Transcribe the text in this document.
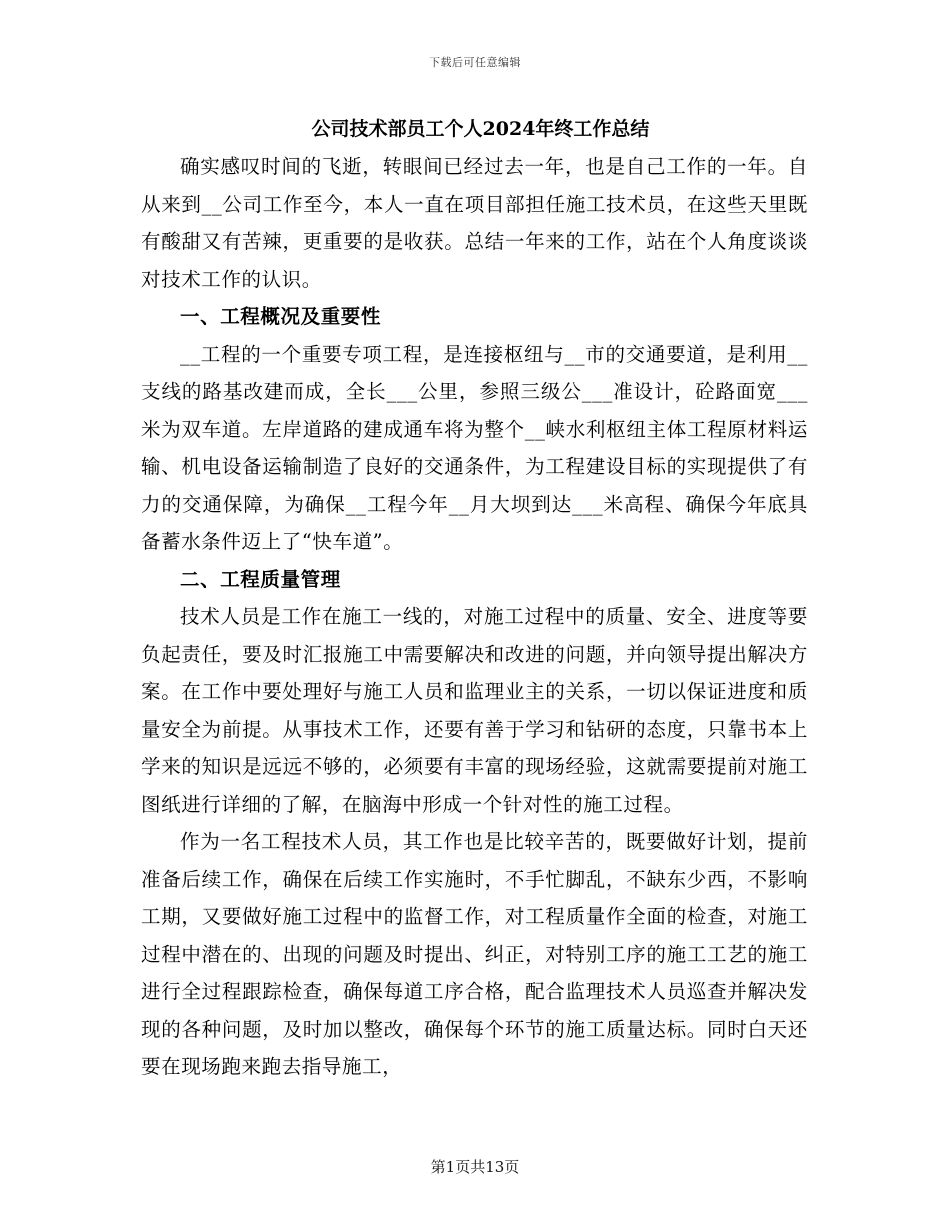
下载后可任意编辑
公司技术部员工个人2024年终工作总结

确实感叹时间的飞逝，转眼间已经过去一年，也是自己工作的一年。自从来到__公司工作至今，本人一直在项目部担任施工技术员，在这些天里既有酸甜又有苦辣，更重要的是收获。总结一年来的工作，站在个人角度谈谈对技术工作的认识。

一、工程概况及重要性

__工程的一个重要专项工程，是连接枢纽与__市的交通要道，是利用__支线的路基改建而成，全长___公里，参照三级公___准设计，砼路面宽___米为双车道。左岸道路的建成通车将为整个__峡水利枢纽主体工程原材料运输、机电设备运输制造了良好的交通条件，为工程建设目标的实现提供了有力的交通保障，为确保__工程今年__月大坝到达___米高程、确保今年底具备蓄水条件迈上了“快车道”。

二、工程质量管理

技术人员是工作在施工一线的，对施工过程中的质量、安全、进度等要负起责任，要及时汇报施工中需要解决和改进的问题，并向领导提出解决方案。在工作中要处理好与施工人员和监理业主的关系，一切以保证进度和质量安全为前提。从事技术工作，还要有善于学习和钻研的态度，只靠书本上学来的知识是远远不够的，必须要有丰富的现场经验，这就需要提前对施工图纸进行详细的了解，在脑海中形成一个针对性的施工过程。

作为一名工程技术人员，其工作也是比较辛苦的，既要做好计划，提前准备后续工作，确保在后续工作实施时，不手忙脚乱，不缺东少西，不影响工期，又要做好施工过程中的监督工作，对工程质量作全面的检查，对施工过程中潜在的、出现的问题及时提出、纠正，对特别工序的施工工艺的施工进行全过程跟踪检查，确保每道工序合格，配合监理技术人员巡查并解决发现的各种问题，及时加以整改，确保每个环节的施工质量达标。同时白天还要在现场跑来跑去指导施工，

第1页共13页
